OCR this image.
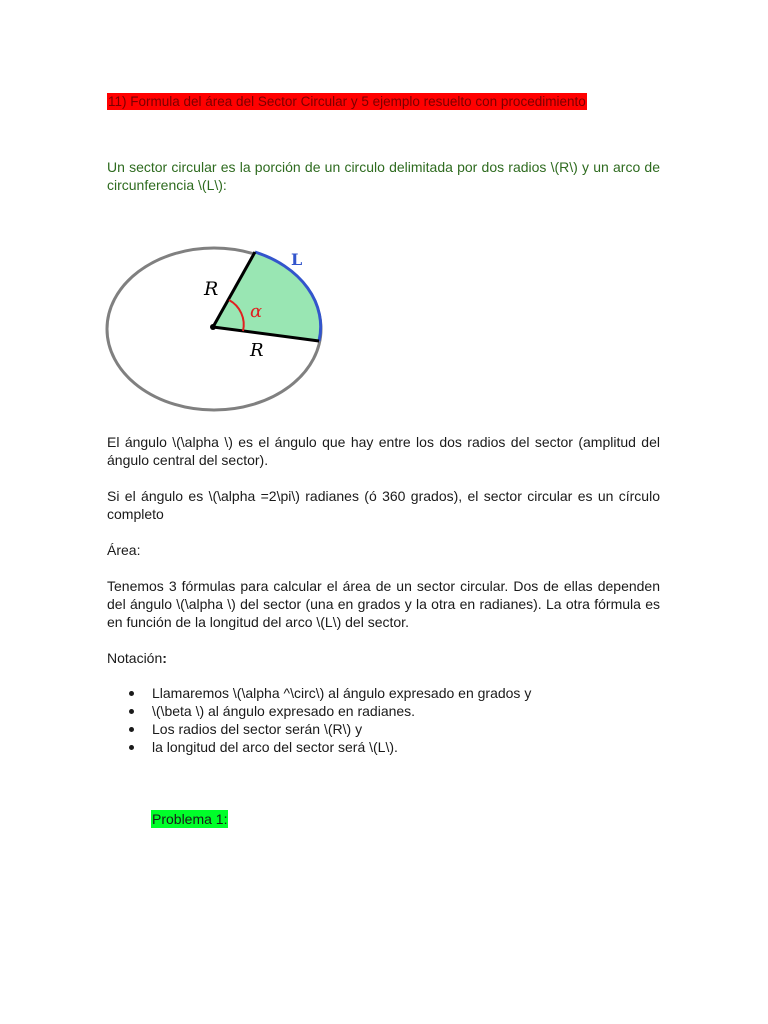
11) Formula del área del Sector Circular y 5 ejemplo resuelto con procedimiento

Un sector circular es la porción de un circulo delimitada por dos radios \(R\) y un arco de circunferencia \(L\):

R
R
α
L

El ángulo \(\alpha \) es el ángulo que hay entre los dos radios del sector (amplitud del ángulo central del sector).

Si el ángulo es \(\alpha =2\pi\) radianes (ó 360 grados), el sector circular es un círculo completo

Área:

Tenemos 3 fórmulas para calcular el área de un sector circular. Dos de ellas dependen del ángulo \(\alpha \) del sector (una en grados y la otra en radianes). La otra fórmula es en función de la longitud del arco \(L\) del sector.

Notación:

Llamaremos \(\alpha ^\circ\) al ángulo expresado en grados y
\(\beta \) al ángulo expresado en radianes.
Los radios del sector serán \(R\) y
la longitud del arco del sector será \(L\).
Problema 1:
